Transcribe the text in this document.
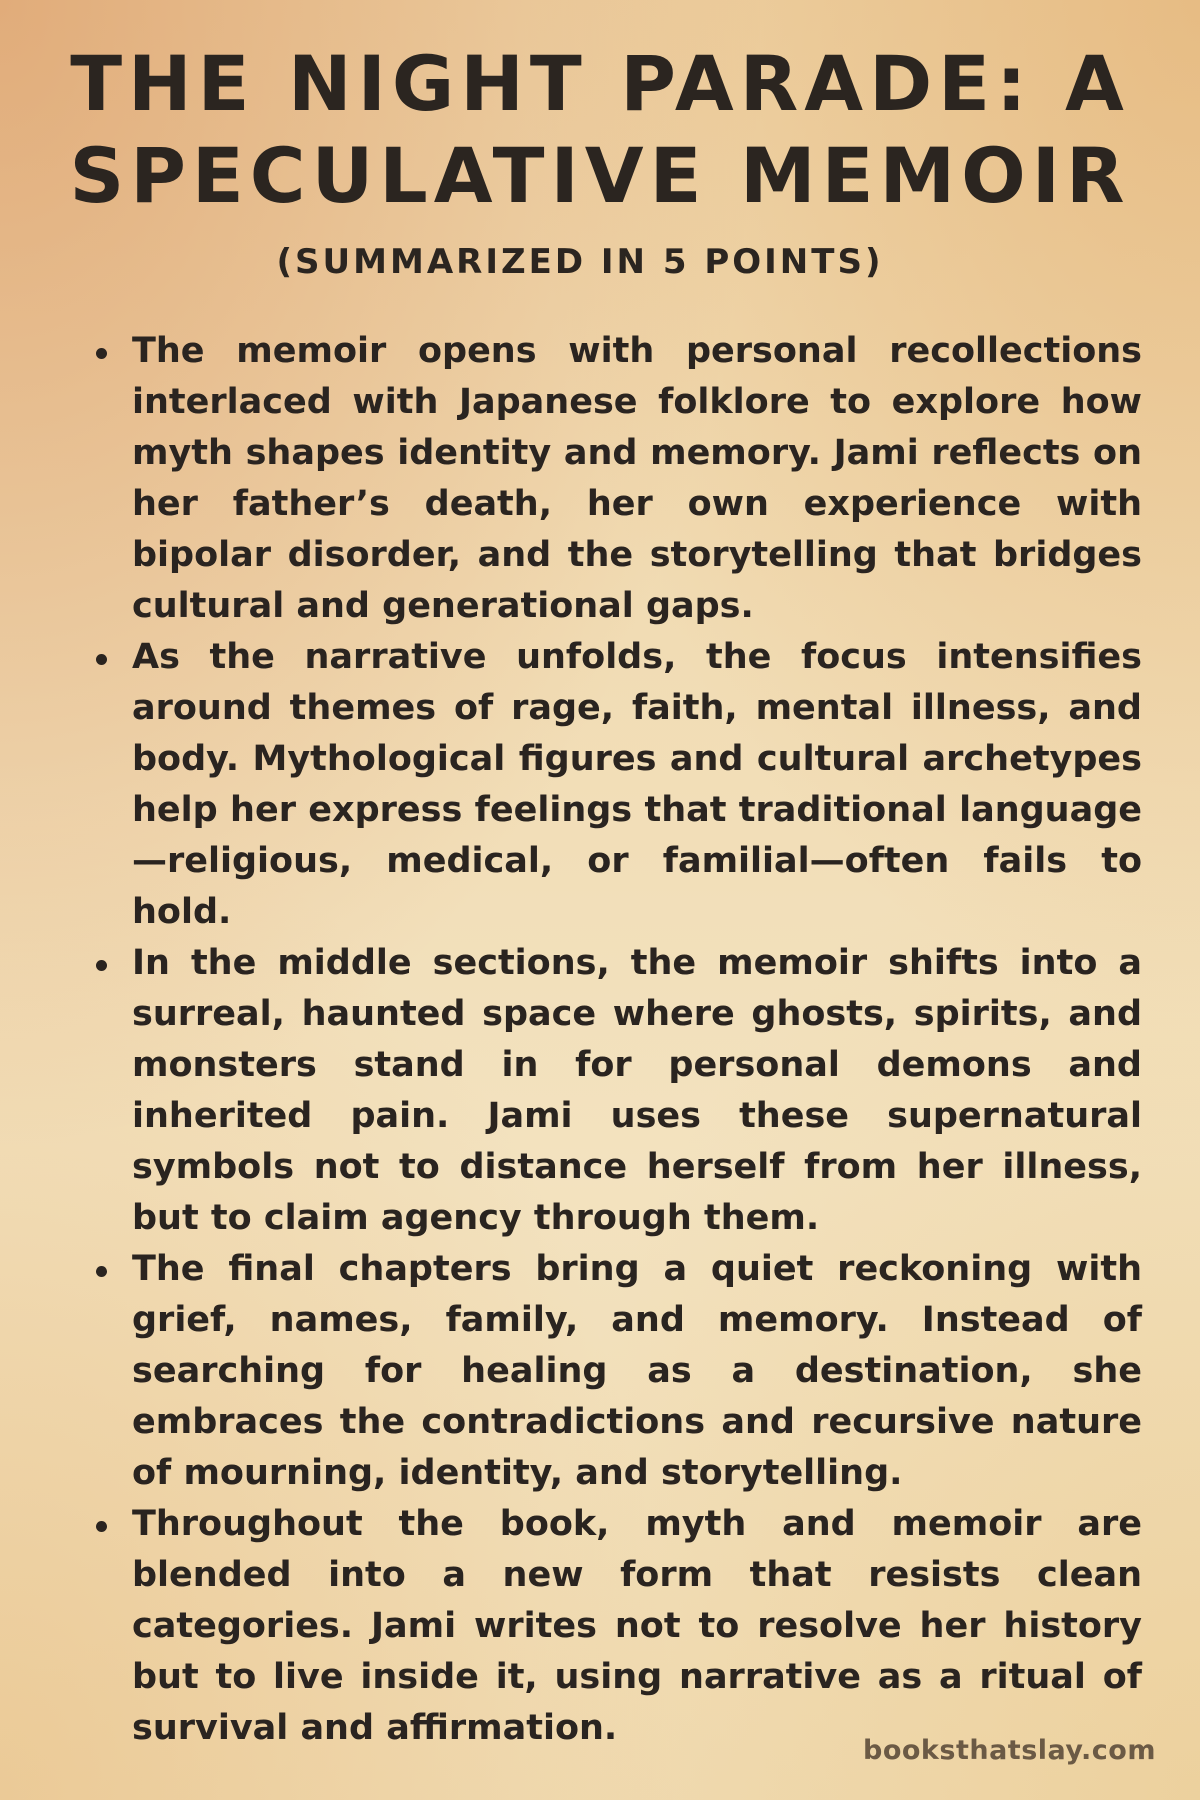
THE NIGHT PARADE: A SPECULATIVE MEMOIR
(SUMMARIZED IN 5 POINTS)
The memoir opens with personal recollections interlaced with Japanese folklore to explore how myth shapes identity and memory. Jami reflects on her father’s death, her own experience with bipolar disorder, and the storytelling that bridges cultural and generational gaps.
As the narrative unfolds, the focus intensifies around themes of rage, faith, mental illness, and body. Mythological figures and cultural archetypes help her express feelings that traditional language —religious, medical, or familial—often fails to hold.
In the middle sections, the memoir shifts into a surreal, haunted space where ghosts, spirits, and monsters stand in for personal demons and inherited pain. Jami uses these supernatural symbols not to distance herself from her illness, but to claim agency through them.
The final chapters bring a quiet reckoning with grief, names, family, and memory. Instead of searching for healing as a destination, she embraces the contradictions and recursive nature of mourning, identity, and storytelling.
Throughout the book, myth and memoir are blended into a new form that resists clean categories. Jami writes not to resolve her history but to live inside it, using narrative as a ritual of survival and affirmation.
booksthatslay.com
